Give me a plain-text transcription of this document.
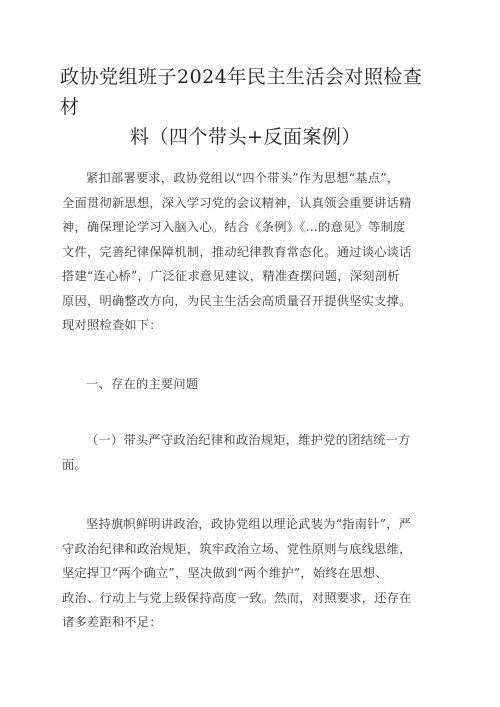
政协党组班子2024年民主生活会对照检查材
料（四个带头+反面案例）
紧扣部署要求，政协党组以“四个带头”作为思想“基点”，
全面贯彻新思想，深入学习党的会议精神，认真领会重要讲话精
神，确保理论学习入脑入心。结合《条例》《…的意见》等制度
文件，完善纪律保障机制，推动纪律教育常态化。通过谈心谈话
搭建“连心桥”，广泛征求意见建议，精准查摆问题，深刻剖析
原因，明确整改方向，为民主生活会高质量召开提供坚实支撑。
现对照检查如下：
一、存在的主要问题
（一）带头严守政治纪律和政治规矩，维护党的团结统一方
面。
坚持旗帜鲜明讲政治，政协党组以理论武装为“指南针”，严
守政治纪律和政治规矩，筑牢政治立场、党性原则与底线思维，
坚定捍卫“两个确立”，坚决做到“两个维护”，始终在思想、
政治、行动上与党上级保持高度一致。然而，对照要求，还存在
诸多差距和不足：
